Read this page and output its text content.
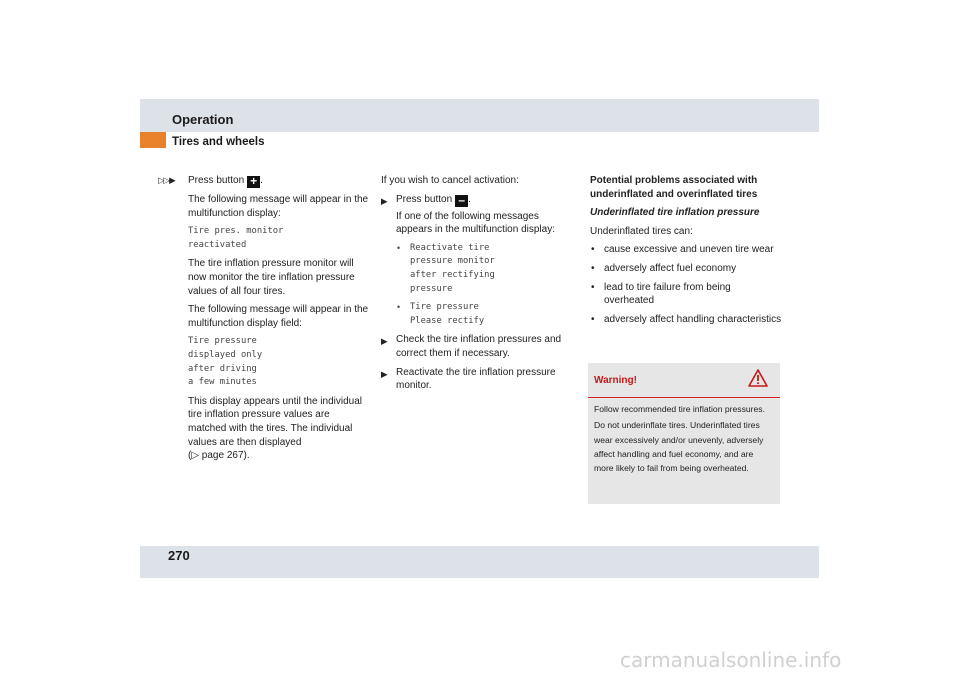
Operation
Tires and wheels
▷▷▶ Press button + .

The following message will appear in the multifunction display:

Tire pres. monitor
reactivated

The tire inflation pressure monitor will now monitor the tire inflation pressure values of all four tires.

The following message will appear in the multifunction display field:

Tire pressure
displayed only
after driving
a few minutes

This display appears until the individual tire inflation pressure values are matched with the tires. The individual values are then displayed
(▷ page 267).

If you wish to cancel activation:

▶ Press button – .

If one of the following messages appears in the multifunction display:

• Reactivate tire
pressure monitor
after rectifying
pressure
• Tire pressure
Please rectify
▶ Check the tire inflation pressures and correct them if necessary.
▶ Reactivate the tire inflation pressure monitor.

Potential problems associated with underinflated and overinflated tires

Underinflated tire inflation pressure

Underinflated tires can:

• cause excessive and uneven tire wear
• adversely affect fuel economy
• lead to tire failure from being overheated
• adversely affect handling characteristics
Warning!

Follow recommended tire inflation pressures.

Do not underinflate tires. Underinflated tires wear excessively and/or unevenly, adversely affect handling and fuel economy, and are more likely to fail from being overheated.

270
carmanualsonline.info
